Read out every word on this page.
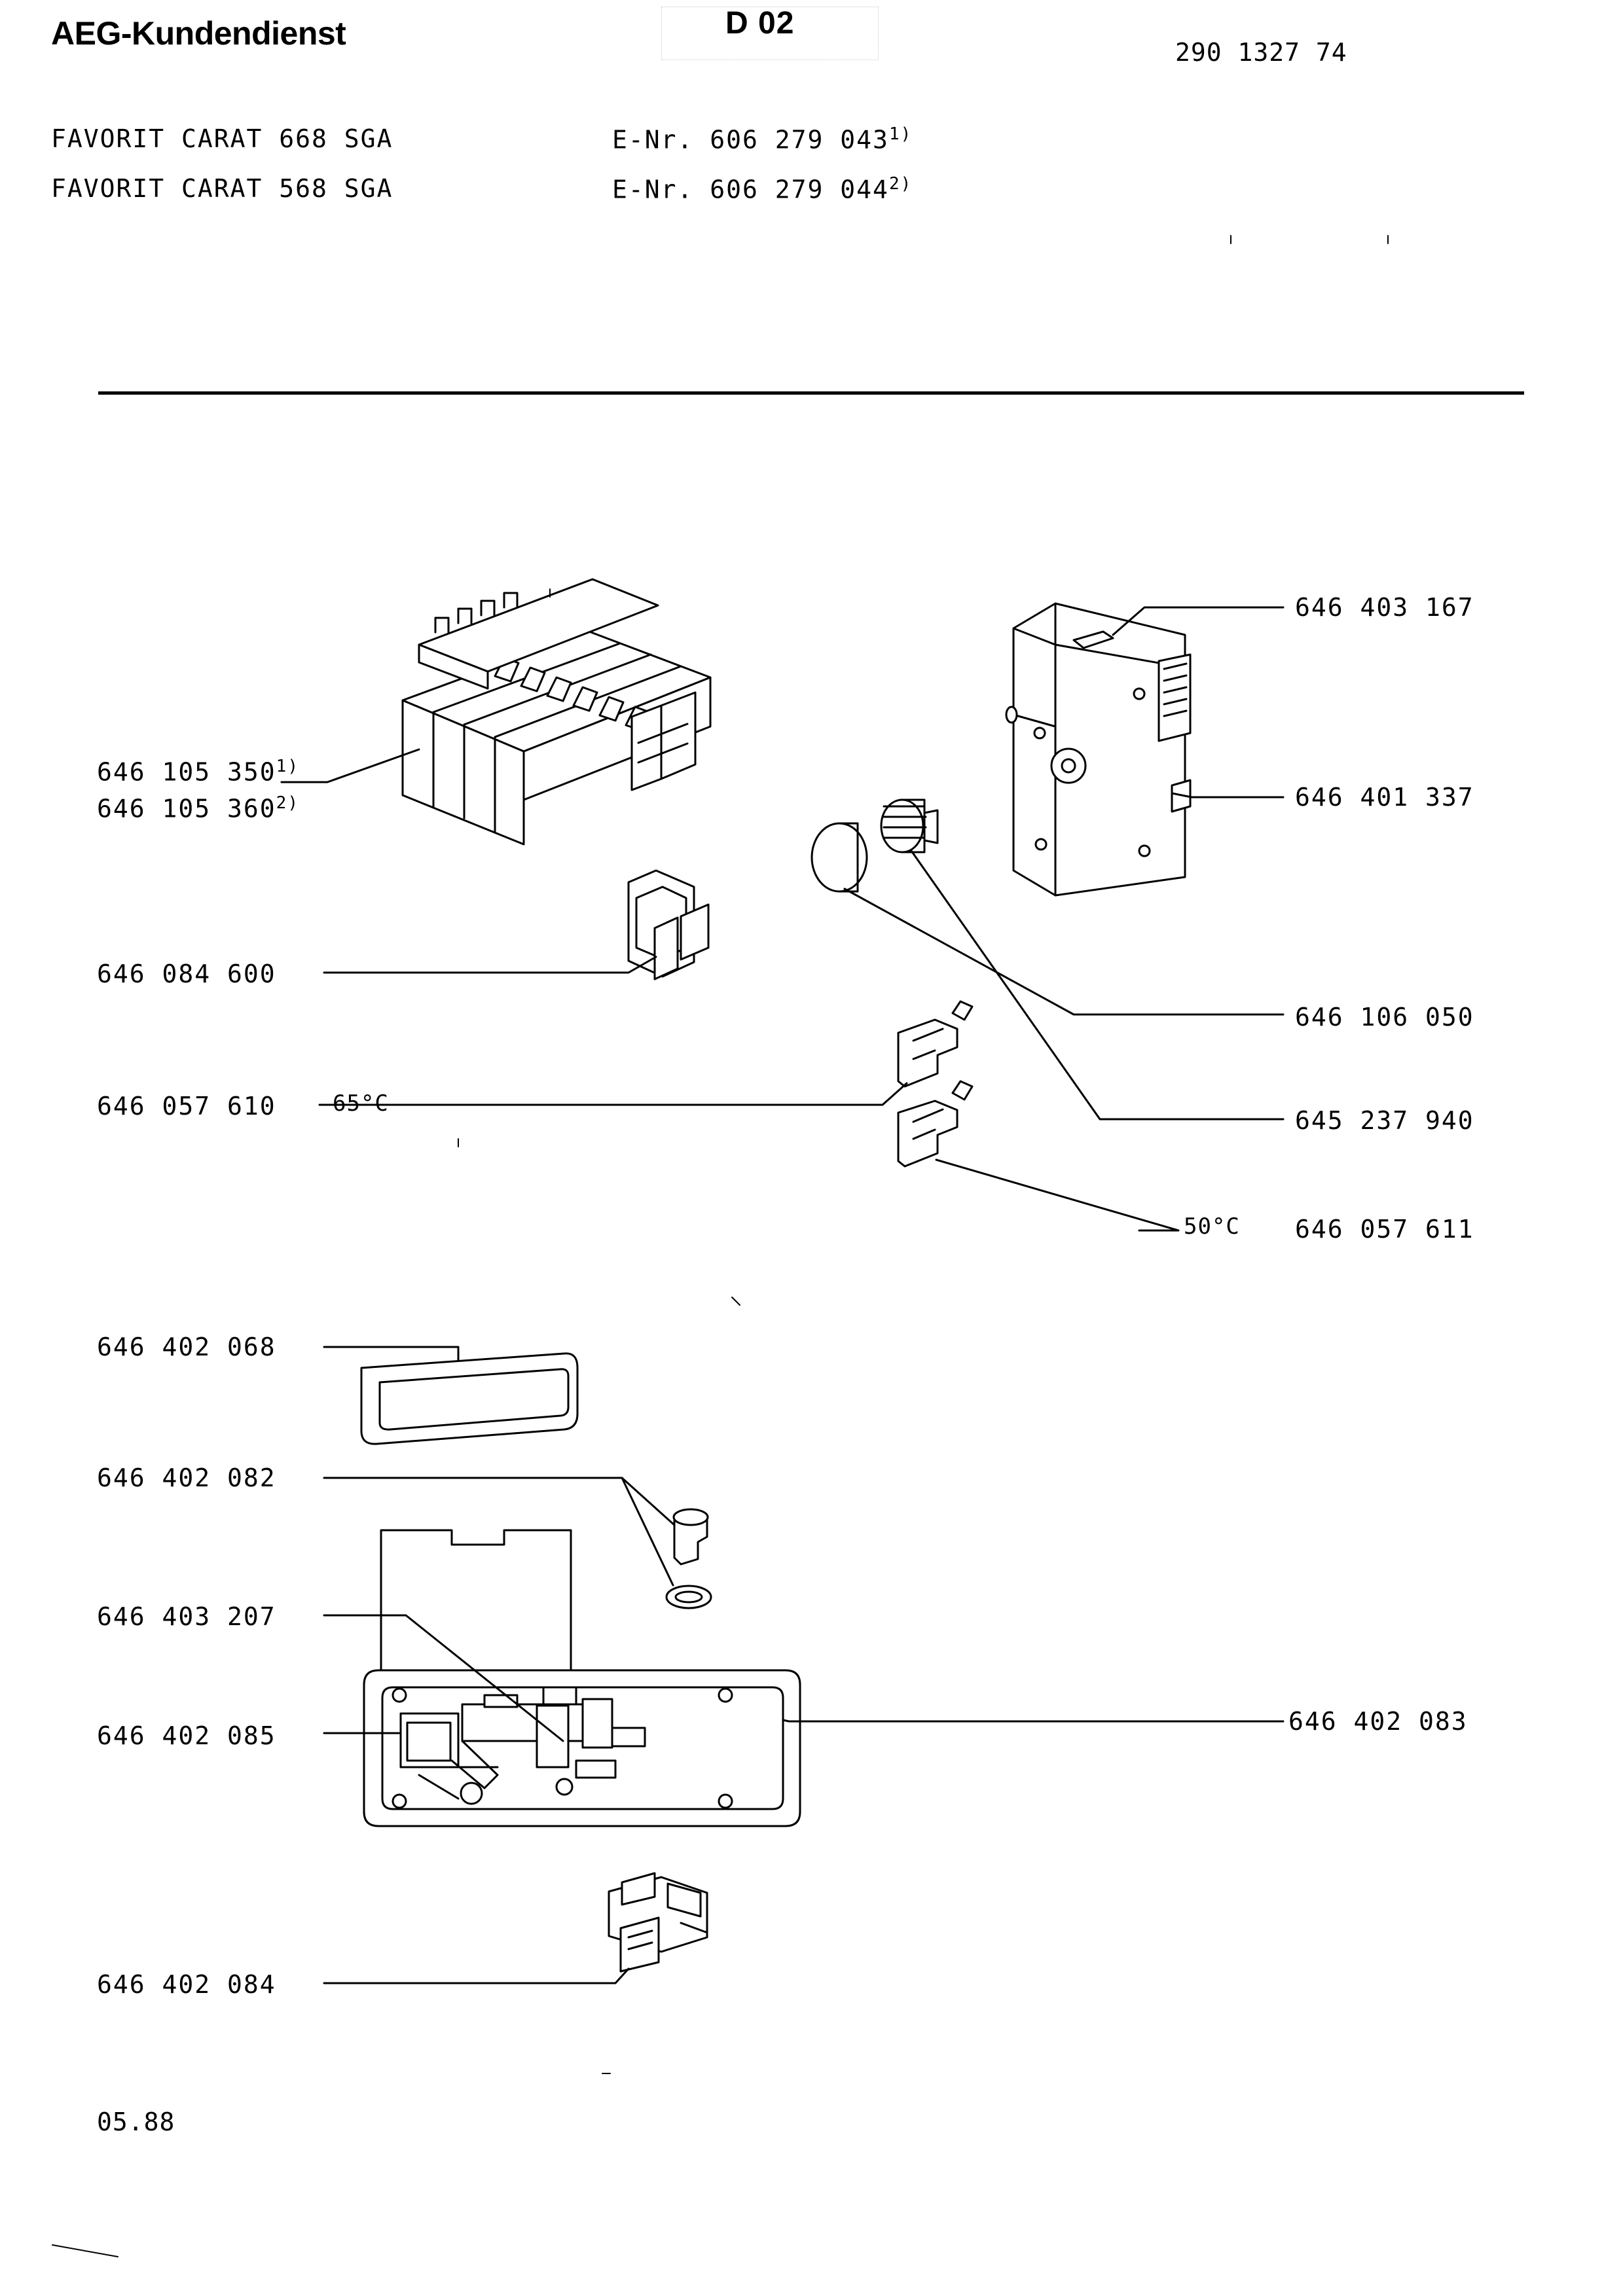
AEG-Kundendienst	D 02
290 1327 74
FAVORIT CARAT 668 SGA
FAVORIT CARAT 568 SGA
E-Nr. 606 279 043$^{1)}$
E-Nr. 606 279 044$^{2)}$
646 105 350$^{1)}$
646 105 360$^{2)}$
646 084 600
646 057 610	65°C
646 402 068
646 402 082
646 403 207
646 402 085
646 402 084
646 403 167
646 401 337
646 106 050
645 237 940
50°C 646 057 611
646 402 083
05.88
